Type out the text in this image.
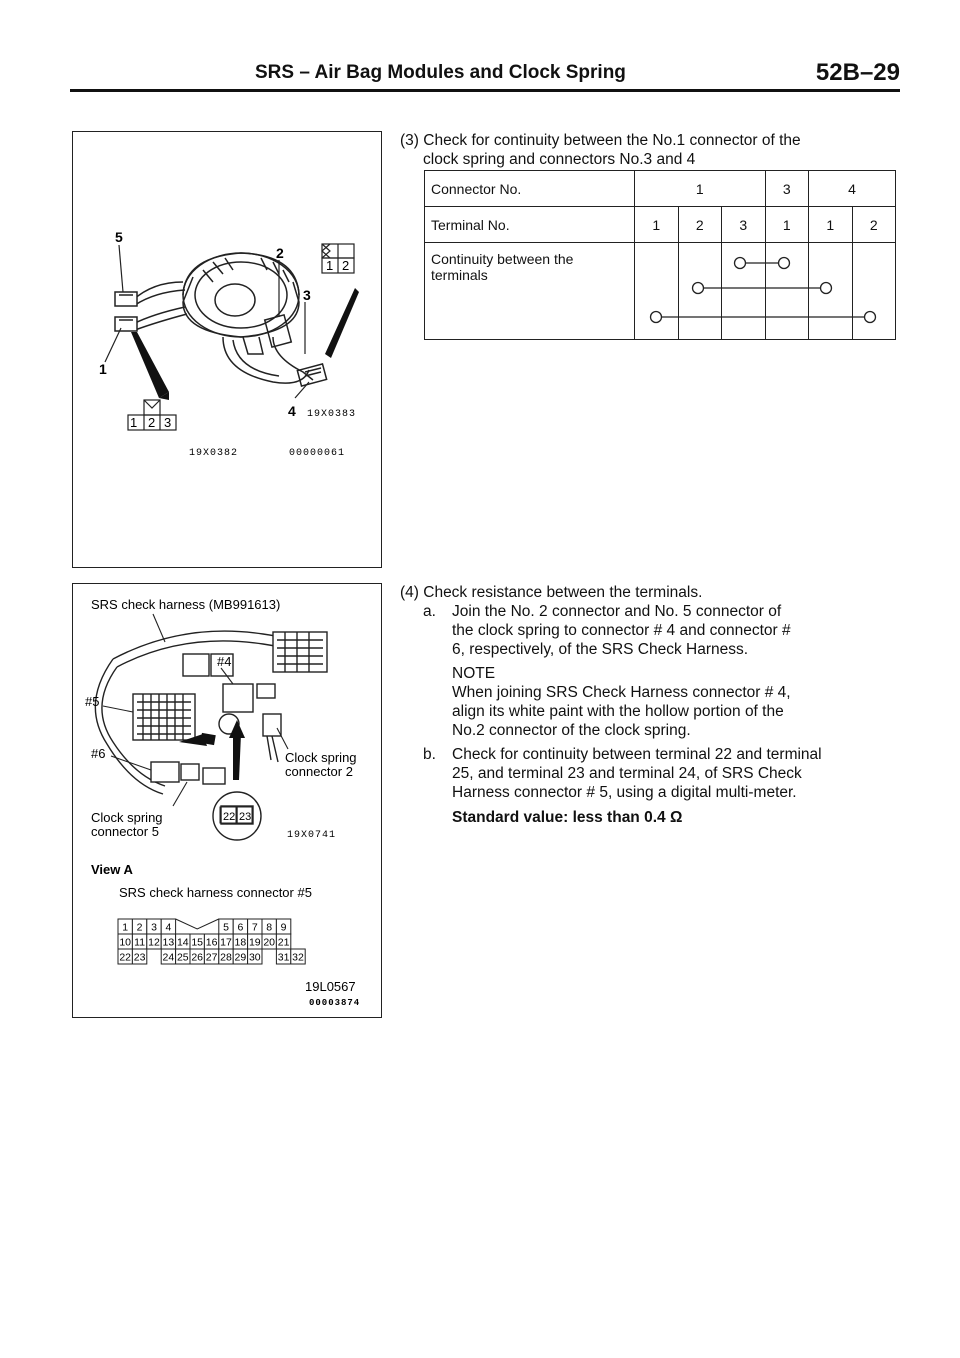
SRS – Air Bag Modules and Clock Spring	52B–29
5
2
3
1
4
1 2 3
1 2
19X0383
19X0382	00000061
1 2 3 4	5 6 7 8 9
10 11 12 13 14 15 16 17 18 19 20 21
22 23 24 25 26 27 28 29 30 31 32
SRS check harness (MB991613)
#4
#5
#6	Clock spring
connector 2
Clock spring
connector 5
22 23
19X0741
View A
SRS check harness connector #5
19L0567
00003874
(3) Check for continuity between the No.1 connector of the
clock spring and connectors No.3 and 4
Connector No.	1			3	4	
Terminal No.	1	2	3	1	1	2

Continuity between the
terminals						

(4) Check resistance between the terminals.
a.	Join the No. 2 connector and No. 5 connector of
the clock spring to connector # 4 and connector #
6, respectively, of the SRS Check Harness.
NOTE
When joining SRS Check Harness connector # 4,
align its white paint with the hollow portion of the
No.2 connector of the clock spring.
b.	Check for continuity between terminal 22 and terminal
25, and terminal 23 and terminal 24, of SRS Check
Harness connector # 5, using a digital multi-meter.
Standard value: less than 0.4 Ω
